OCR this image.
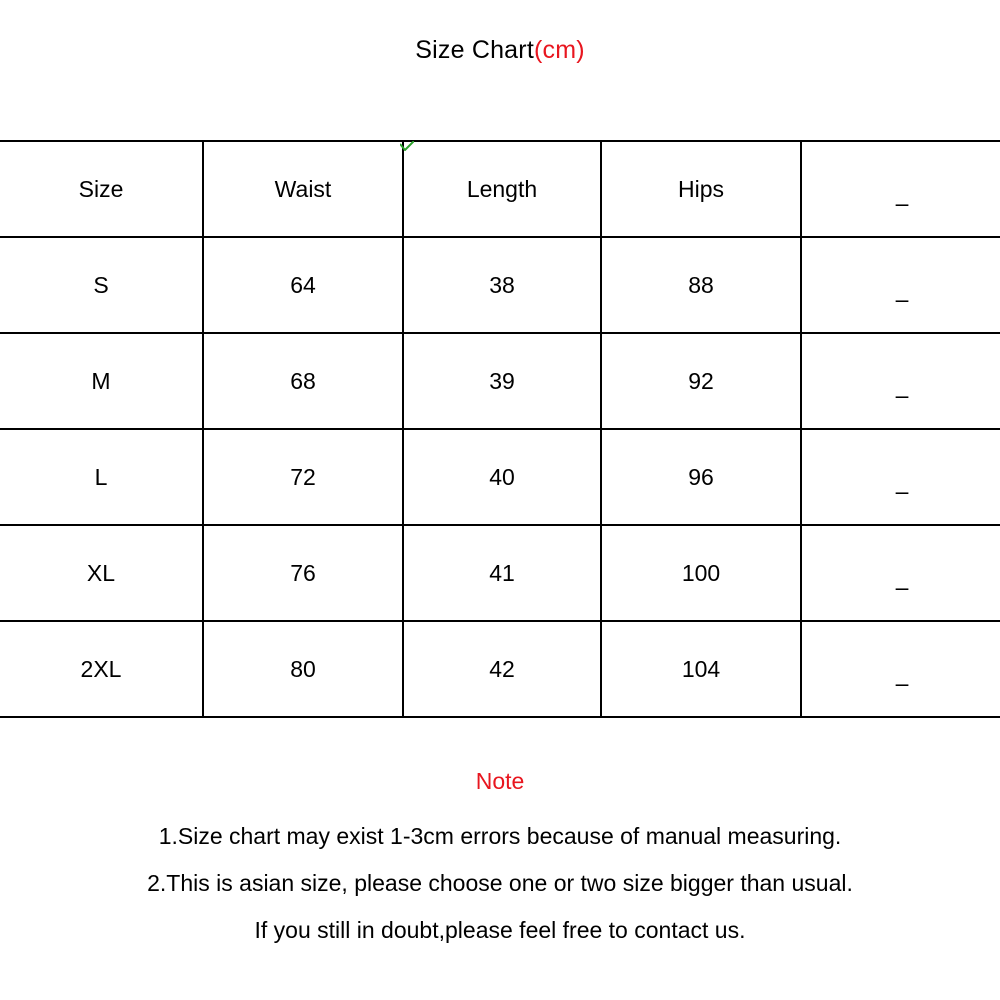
Size Chart(cm)
Size	Waist	Length	Hips	–
S	64	38	88	–
M	68	39	92	–
L	72	40	96	–
XL	76	41	100	–
2XL	80	42	104	–
Note
1.Size chart may exist 1-3cm errors because of manual measuring.
2.This is asian size, please choose one or two size bigger than usual.
If you still in doubt,please feel free to contact us.
